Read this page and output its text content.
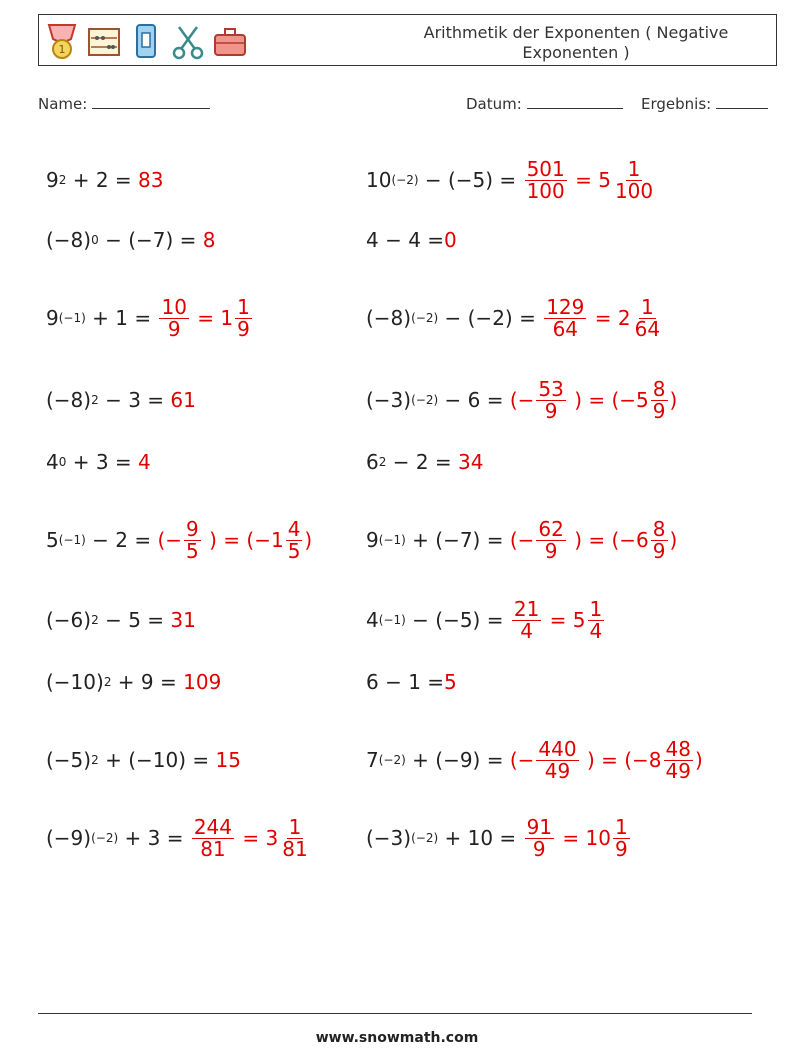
1
Arithmetik der Exponenten ( Negative Exponenten )
Name:	Datum:	Ergebnis:
9 2 + 2 = 83	10 $(-2) - (-5) = \frac{501}{100} = 5 \frac{1}{100}$
(−8) 0 − (−7) = 8	4 − 4 = 0
9 $(-1) + 1 = \frac{10}{9} = 1 \frac{1}{9}$	(−8) $(-2) - (-2) = \frac{129}{64} = 2 \frac{1}{64}$
(−8) 2 − 3 = 61	(−3) (−2) − 6 = (− $\frac{53}{9}$ ) = ($-5 \frac{8}{9}$ )
4 0 + 3 = 4	6 2 − 2 = 34
5 (−1) − 2 = (− $\frac{9}{5}$ ) = ($-1 \frac{4}{5}$ )	9 (−1) + (−7) = (− $\frac{62}{9}$ ) = ($-6 \frac{8}{9}$ )
(−6) 2 − 5 = 31	4 $(-1) - (-5) = \frac{21}{4} = 5 \frac{1}{4}$
(−10) 2 + 9 = 109	6 − 1 = 5
(−5) 2 + (−10) = 15	7 (−2) + (−9) = (− $\frac{440}{49}$ ) = ($-8 \frac{48}{49}$ )
(−9) $(-2) + 3 = \frac{244}{81} = 3 \frac{1}{81}$	(−3) $(-2) + 10 = \frac{91}{9} = 10 \frac{1}{9}$
www.snowmath.com
